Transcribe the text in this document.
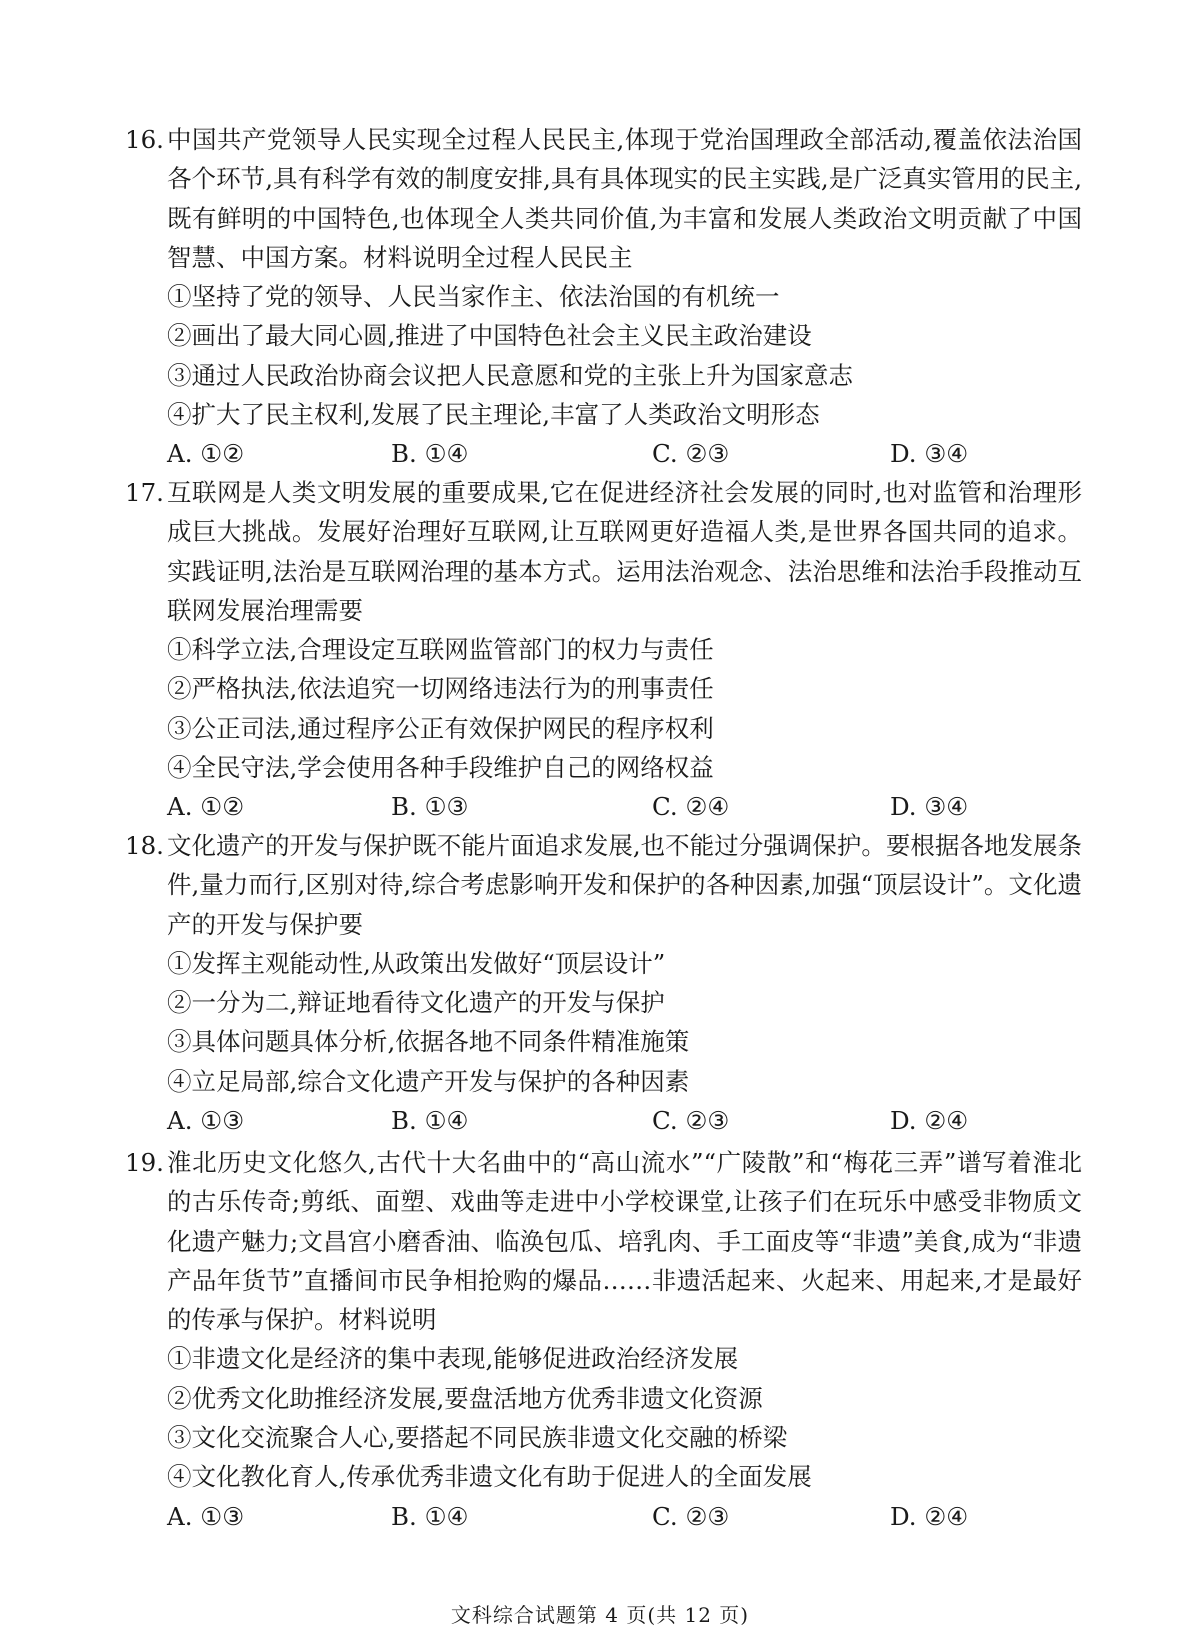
16. 中国共产党领导人民实现全过程人民民主,体现于党治国理政全部活动,覆盖依法治国各个环节,具有科学有效的制度安排,具有具体现实的民主实践,是广泛真实管用的民主,既有鲜明的中国特色,也体现全人类共同价值,为丰富和发展人类政治文明贡献了中国智慧、中国方案。材料说明全过程人民民主
①坚持了党的领导、人民当家作主、依法治国的有机统一
②画出了最大同心圆,推进了中国特色社会主义民主政治建设
③通过人民政治协商会议把人民意愿和党的主张上升为国家意志
④扩大了民主权利,发展了民主理论,丰富了人类政治文明形态
A. ①②	B. ①④	C. ②③	D. ③④
17. 互联网是人类文明发展的重要成果,它在促进经济社会发展的同时,也对监管和治理形成巨大挑战。发展好治理好互联网,让互联网更好造福人类,是世界各国共同的追求。实践证明,法治是互联网治理的基本方式。运用法治观念、法治思维和法治手段推动互联网发展治理需要
①科学立法,合理设定互联网监管部门的权力与责任
②严格执法,依法追究一切网络违法行为的刑事责任
③公正司法,通过程序公正有效保护网民的程序权利
④全民守法,学会使用各种手段维护自己的网络权益
A. ①②	B. ①③	C. ②④	D. ③④
18. 文化遗产的开发与保护既不能片面追求发展,也不能过分强调保护。要根据各地发展条件,量力而行,区别对待,综合考虑影响开发和保护的各种因素,加强“顶层设计”。文化遗产的开发与保护要
①发挥主观能动性,从政策出发做好“顶层设计”
②一分为二,辩证地看待文化遗产的开发与保护
③具体问题具体分析,依据各地不同条件精准施策
④立足局部,综合文化遗产开发与保护的各种因素
A. ①③	B. ①④	C. ②③	D. ②④
19. 淮北历史文化悠久,古代十大名曲中的“高山流水”“广陵散”和“梅花三弄”谱写着淮北的古乐传奇;剪纸、面塑、戏曲等走进中小学校课堂,让孩子们在玩乐中感受非物质文化遗产魅力;文昌宫小磨香油、临涣包瓜、培乳肉、手工面皮等“非遗”美食,成为“非遗产品年货节”直播间市民争相抢购的爆品……非遗活起来、火起来、用起来,才是最好的传承与保护。材料说明
①非遗文化是经济的集中表现,能够促进政治经济发展
②优秀文化助推经济发展,要盘活地方优秀非遗文化资源
③文化交流聚合人心,要搭起不同民族非遗文化交融的桥梁
④文化教化育人,传承优秀非遗文化有助于促进人的全面发展
A. ①③	B. ①④	C. ②③	D. ②④
文科综合试题第 4 页(共 12 页)
